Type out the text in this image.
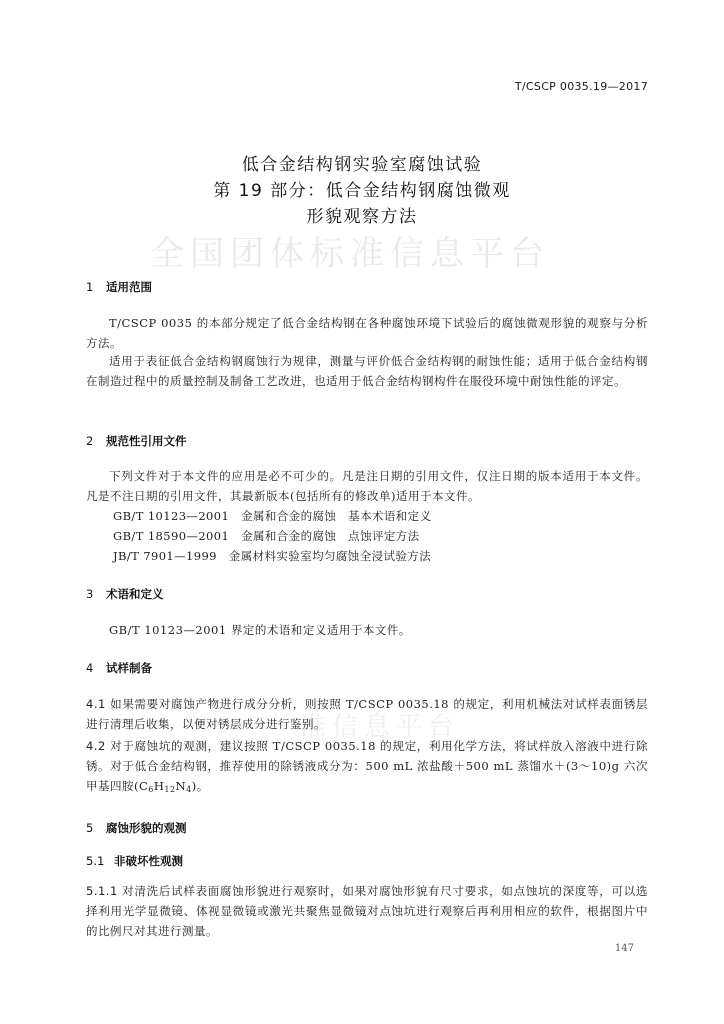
全国团体标准信息平台
准信息平台
T/CSCP 0035.19—2017
低合金结构钢实验室腐蚀试验
第 19 部分：低合金结构钢腐蚀微观
形貌观察方法
1 适用范围
T/CSCP 0035 的本部分规定了低合金结构钢在各种腐蚀环境下试验后的腐蚀微观形貌的观察与分析方法。
适用于表征低合金结构钢腐蚀行为规律，测量与评价低合金结构钢的耐蚀性能；适用于低合金结构钢在制造过程中的质量控制及制备工艺改进，也适用于低合金结构钢构件在服役环境中耐蚀性能的评定。
2 规范性引用文件
下列文件对于本文件的应用是必不可少的。凡是注日期的引用文件，仅注日期的版本适用于本文件。凡是不注日期的引用文件，其最新版本(包括所有的修改单)适用于本文件。
GB/T 10123—2001　金属和合金的腐蚀　基本术语和定义
GB/T 18590—2001　金属和合金的腐蚀　点蚀评定方法
JB/T 7901—1999　金属材料实验室均匀腐蚀全浸试验方法
3 术语和定义
GB/T 10123—2001 界定的术语和定义适用于本文件。
4 试样制备
4.1 如果需要对腐蚀产物进行成分分析，则按照 T/CSCP 0035.18 的规定，利用机械法对试样表面锈层进行清理后收集，以便对锈层成分进行鉴别。
4.2 对于腐蚀坑的观测，建议按照 T/CSCP 0035.18 的规定，利用化学方法，将试样放入溶液中进行除锈。对于低合金结构钢，推荐使用的除锈液成分为：500 mL 浓盐酸＋500 mL 蒸馏水＋(3～10)g 六次甲基四胺$(C_6H_{12}N_4)$。
5 腐蚀形貌的观测
5.1 非破坏性观测
5.1.1 对清洗后试样表面腐蚀形貌进行观察时，如果对腐蚀形貌有尺寸要求，如点蚀坑的深度等，可以选择利用光学显微镜、体视显微镜或激光共聚焦显微镜对点蚀坑进行观察后再利用相应的软件，根据图片中的比例尺对其进行测量。
147
